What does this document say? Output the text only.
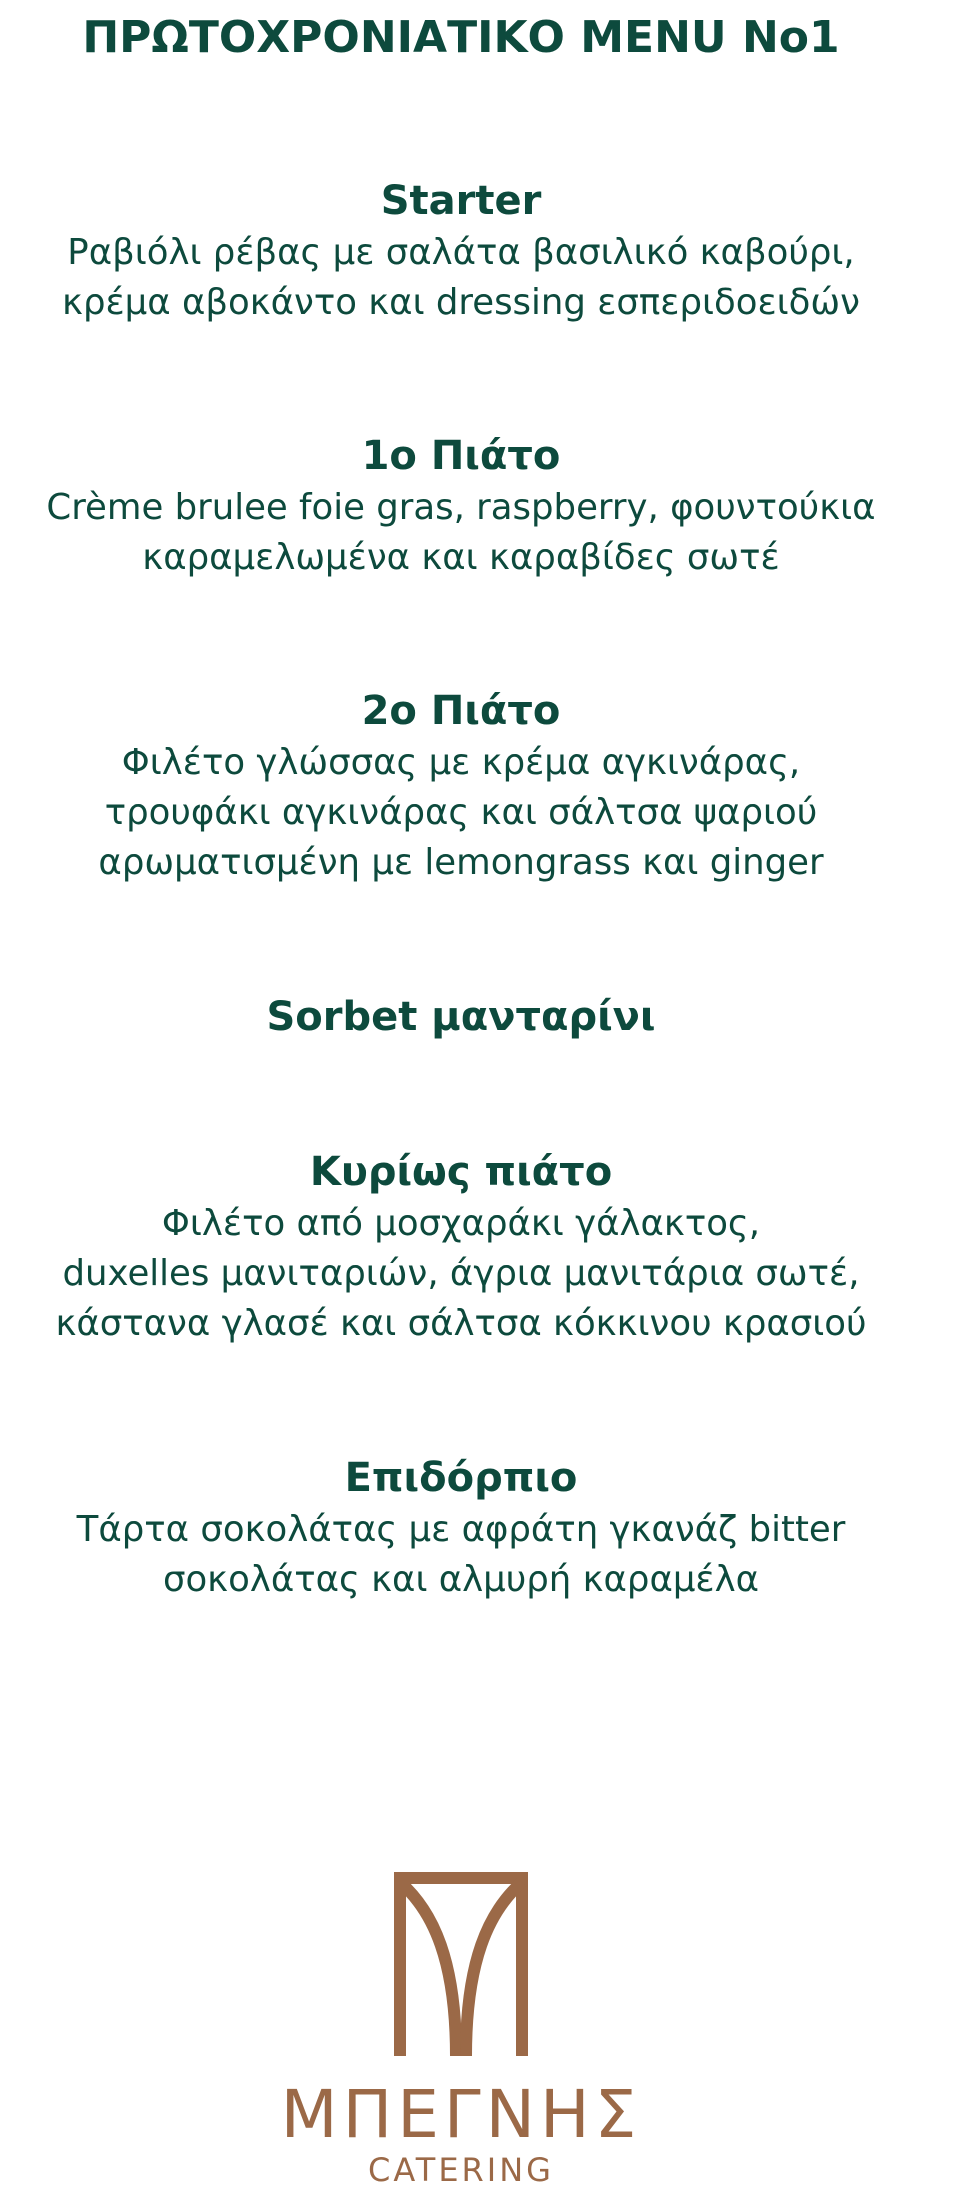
ΠΡΩΤΟΧΡΟΝΙΑΤΙΚΟ MENU No1
Starter
Ραβιόλι ρέβας με σαλάτα βασιλικό καβούρι,
κρέμα αβοκάντο και dressing εσπεριδοειδών
1ο Πιάτο
Crème brulee foie gras, raspberry, φουντούκια
καραμελωμένα και καραβίδες σωτέ
2ο Πιάτο
Φιλέτο γλώσσας με κρέμα αγκινάρας,
τρουφάκι αγκινάρας και σάλτσα ψαριού
αρωματισμένη με lemongrass και ginger
Sorbet μανταρίνι
Κυρίως πιάτο
Φιλέτο από μοσχαράκι γάλακτος,
duxelles μανιταριών, άγρια μανιτάρια σωτέ,
κάστανα γλασέ και σάλτσα κόκκινου κρασιού
Επιδόρπιο
Τάρτα σοκολάτας με αφράτη γκανάζ bitter
σοκολάτας και αλμυρή καραμέλα
ΜΠΕΓΝΗΣ
CATERING
